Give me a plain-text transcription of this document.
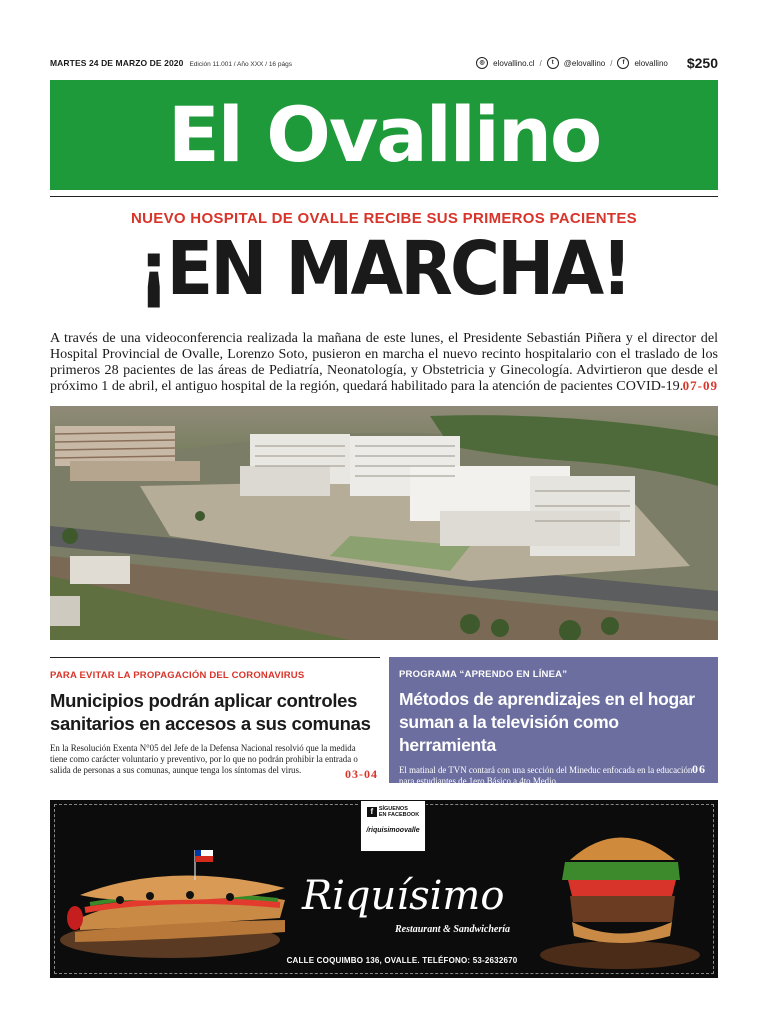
MARTES 24 DE MARZO DE 2020 Edición 11.001 / Año XXX / 16 págs	◎	elovallino.cl /	t	@elovallino /	f	elovallino $250
El Ovallino
NUEVO HOSPITAL DE OVALLE RECIBE SUS PRIMEROS PACIENTES
¡EN MARCHA!
A través de una videoconferencia realizada la mañana de este lunes, el Presidente Sebastián Piñera y el director del Hospital Provincial de Ovalle, Lorenzo Soto, pusieron en marcha el nuevo recinto hospitalario con el traslado de los primeros 28 pacientes de las áreas de Pediatría, Neonatología, y Obstetricia y Ginecología. Advirtieron que desde el próximo 1 de abril, el antiguo hospital de la región, quedará habilitado para la atención de pacientes COVID-19. 07-09
PARA EVITAR LA PROPAGACIÓN DEL CORONAVIRUS
Municipios podrán aplicar controles sanitarios en accesos a sus comunas
En la Resolución Exenta N°05 del Jefe de la Defensa Nacional resolvió que la medida tiene como carácter voluntario y preventivo, por lo que no podrán prohibir la entrada o salida de personas a sus comunas, aunque tenga los síntomas del virus.	03-04
PROGRAMA “APRENDO EN LÍNEA”
Métodos de aprendizajes en el hogar suman a la televisión como herramienta
El matinal de TVN contará con una sección del Mineduc enfocada en la educación para estudiantes de 1ero Básico a 4to Medio.
06
f SÍGUENOS
EN FACEBOOK
/riquisimoovalle
Riquísimo
Restaurant & Sandwichería
CALLE COQUIMBO 136, OVALLE. TELÉFONO: 53-2632670
